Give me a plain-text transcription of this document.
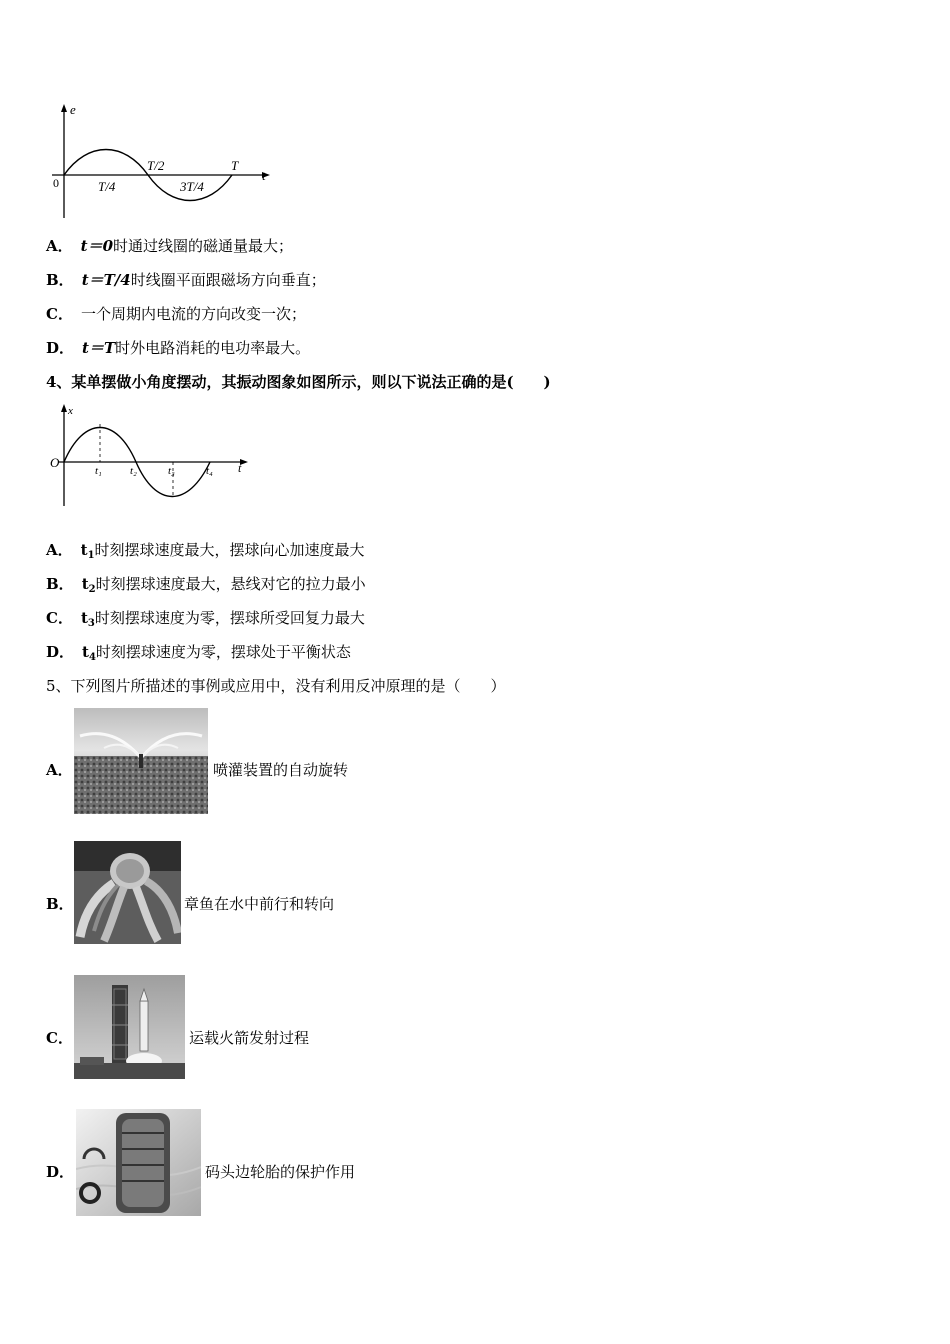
e
t
0
T/2	T
T/4	3T/4
A． t＝0时通过线圈的磁通量最大；
B． t＝T/4时线圈平面跟磁场方向垂直；
C． 一个周期内电流的方向改变一次；
D． t＝T时外电路消耗的电功率最大。
4、某单摆做小角度摆动，其振动图象如图所示，则以下说法正确的是(　　)
x
t
O
t₁	t₂	t₃	t₄
A． $t_1$时刻摆球速度最大，摆球向心加速度最大
B． $t_2$时刻摆球速度最大，悬线对它的拉力最小
C． $t_3$时刻摆球速度为零，摆球所受回复力最大
D． $t_4$时刻摆球速度为零，摆球处于平衡状态
5、下列图片所描述的事例或应用中，没有利用反冲原理的是（　　）
A．	喷灌装置的自动旋转
B．	章鱼在水中前行和转向
C．	运载火箭发射过程
D．	码头边轮胎的保护作用
